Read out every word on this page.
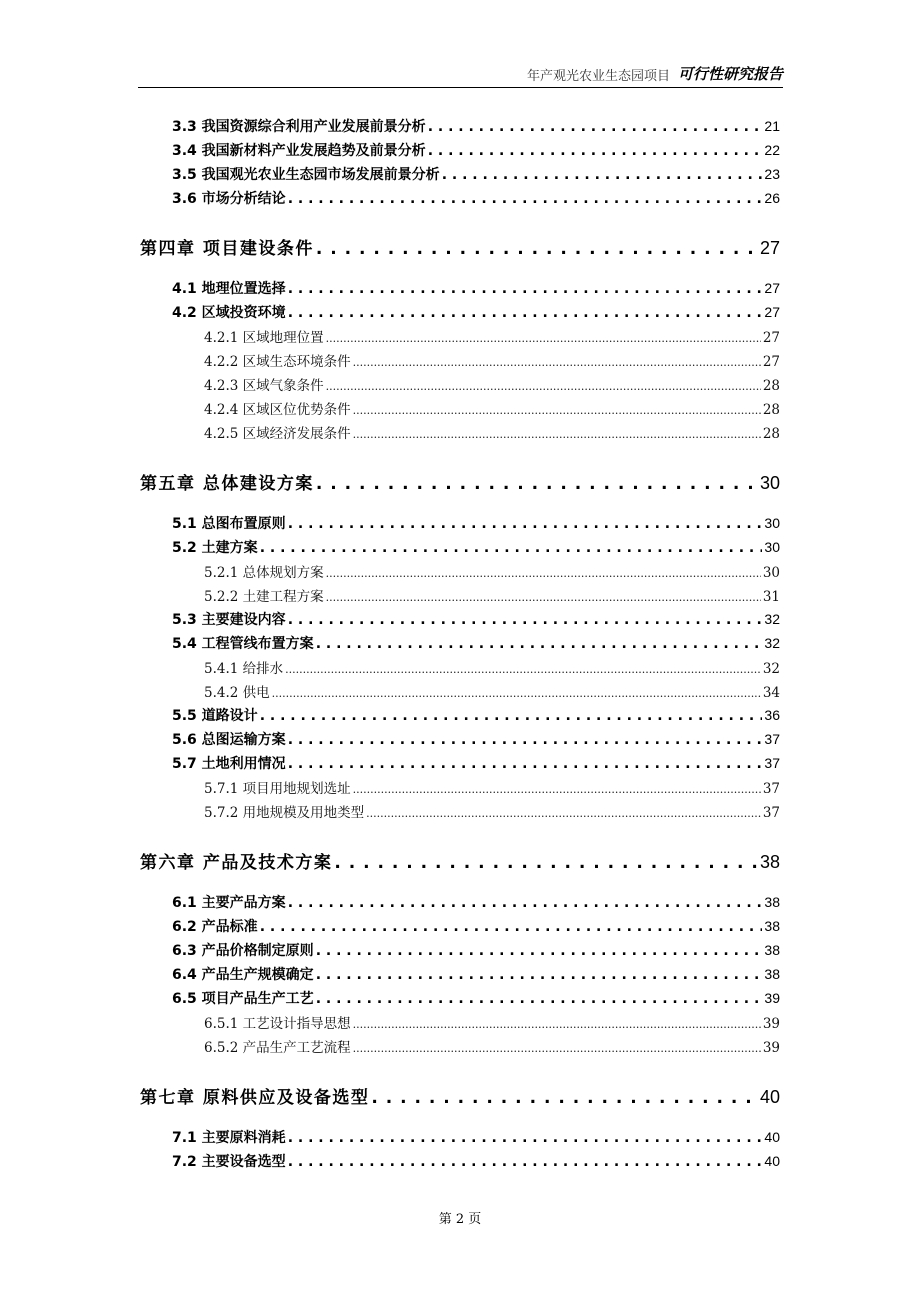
年产观光农业生态园项目 可行性研究报告
3.3 我国资源综合利用产业发展前景分析 . . .	21
3.4 我国新材料产业发展趋势及前景分析 . . .	22
3.5 我国观光农业生态园市场发展前景分析 . . .	23
3.6 市场分析结论 . . .	26
第四章 项目建设条件 . . .	27
4.1 地理位置选择 . . .	27
4.2 区域投资环境 . . .	27
4.2.1 区域地理位置 .....	27
4.2.2 区域生态环境条件 .....	27
4.2.3 区域气象条件 .....	28
4.2.4 区域区位优势条件 .....	28
4.2.5 区域经济发展条件 .....	28
第五章 总体建设方案 . . .	30
5.1 总图布置原则 . . .	30
5.2 土建方案 . . .	30
5.2.1 总体规划方案 .....	30
5.2.2 土建工程方案 .....	31
5.3 主要建设内容 . . .	32
5.4 工程管线布置方案 . . .	32
5.4.1 给排水 .....	32
5.4.2 供电 .....	34
5.5 道路设计 . . .	36
5.6 总图运输方案 . . .	37
5.7 土地利用情况 . . .	37
5.7.1 项目用地规划选址 .....	37
5.7.2 用地规模及用地类型 .....	37
第六章 产品及技术方案 . . .	38
6.1 主要产品方案 . . .	38
6.2 产品标准 . . .	38
6.3 产品价格制定原则 . . .	38
6.4 产品生产规模确定 . . .	38
6.5 项目产品生产工艺 . . .	39
6.5.1 工艺设计指导思想 .....	39
6.5.2 产品生产工艺流程 .....	39
第七章 原料供应及设备选型 . . .	40
7.1 主要原料消耗 . . .	40
7.2 主要设备选型 . . .	40
第 2 页
